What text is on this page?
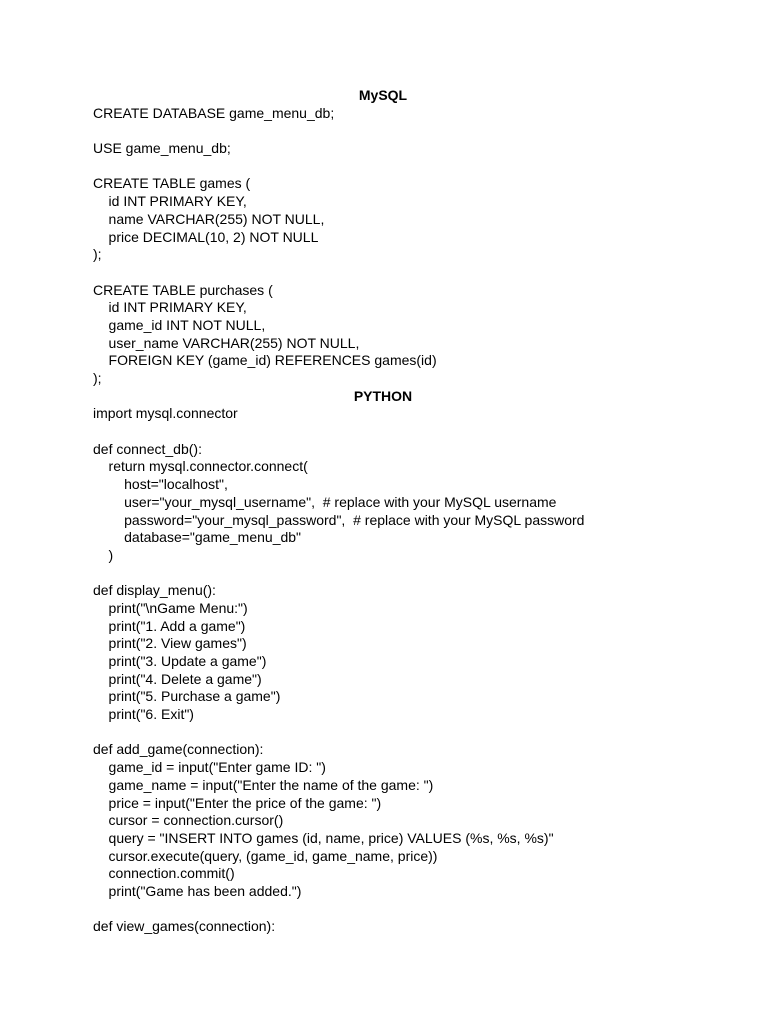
MySQL
CREATE DATABASE game_menu_db;
USE game_menu_db;
CREATE TABLE games (
id INT PRIMARY KEY,
name VARCHAR(255) NOT NULL,
price DECIMAL(10, 2) NOT NULL
);
CREATE TABLE purchases (
id INT PRIMARY KEY,
game_id INT NOT NULL,
user_name VARCHAR(255) NOT NULL,
FOREIGN KEY (game_id) REFERENCES games(id)
);
PYTHON
import mysql.connector
def connect_db():
return mysql.connector.connect(
host="localhost",
user="your_mysql_username",  # replace with your MySQL username
password="your_mysql_password",  # replace with your MySQL password
database="game_menu_db"
)
def display_menu():
print("\nGame Menu:")
print("1. Add a game")
print("2. View games")
print("3. Update a game")
print("4. Delete a game")
print("5. Purchase a game")
print("6. Exit")
def add_game(connection):
game_id = input("Enter game ID: ")
game_name = input("Enter the name of the game: ")
price = input("Enter the price of the game: ")
cursor = connection.cursor()
query = "INSERT INTO games (id, name, price) VALUES (%s, %s, %s)"
cursor.execute(query, (game_id, game_name, price))
connection.commit()
print("Game has been added.")
def view_games(connection):
